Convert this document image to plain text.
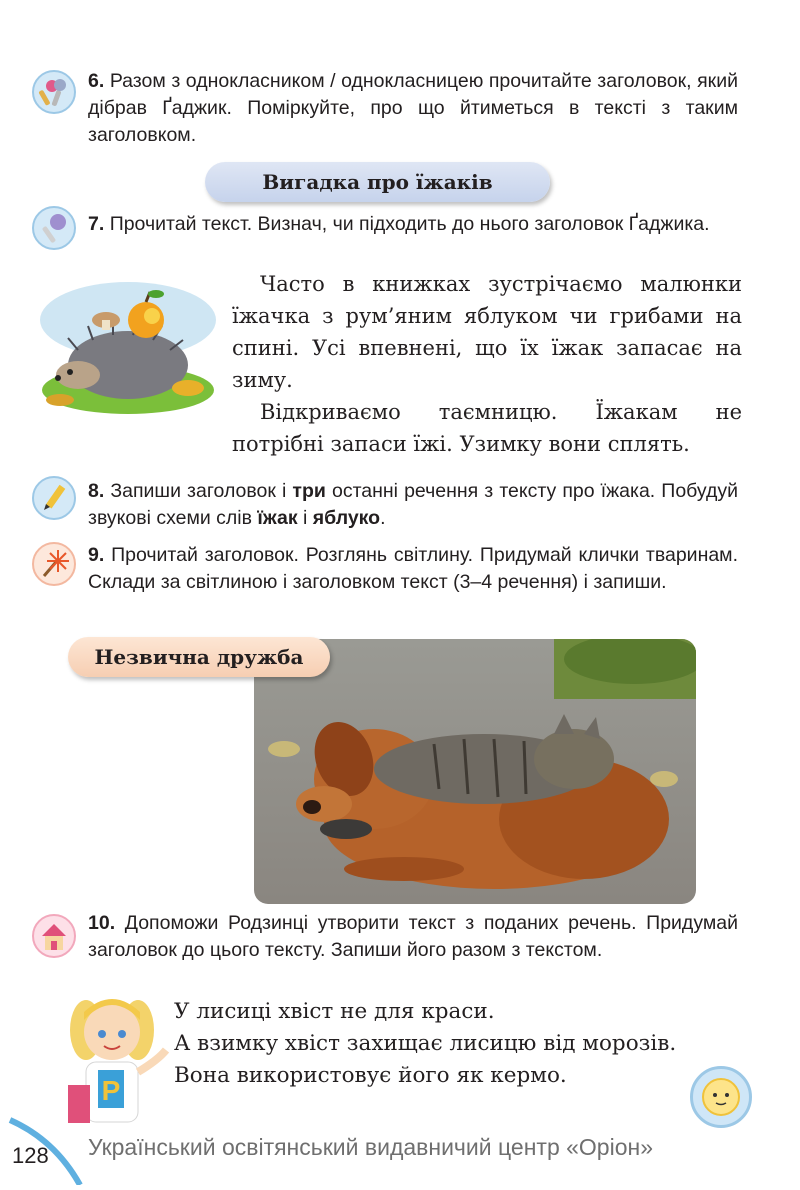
6. Разом з однокласником / однокласницею прочитайте заголовок, який дібрав Ґаджик. Поміркуйте, про що йтиметься в тексті з таким заголовком.
Вигадка про їжаків
7. Прочитай текст. Визнач, чи підходить до нього заголовок Ґаджика.

Часто в книжках зустрічаємо малюнки їжачка з рум’яним яблуком чи грибами на спині. Усі впевнені, що їх їжак запасає на зиму.

Відкриваємо таємницю. Їжакам не потрібні запаси їжі. Узимку вони сплять.

8. Запиши заголовок і три останні речення з тексту про їжака. Побудуй звукові схеми слів їжак і яблуко.
9. Прочитай заголовок. Розглянь світлину. Придумай клички тваринам. Склади за світлиною і заголовком текст (3–4 речення) і запиши.
Незвична дружба
10. Допоможи Родзинці утворити текст з поданих речень. Придумай заголовок до цього тексту. Запиши його разом з текстом.
P

У лисиці хвіст не для краси.

А взимку хвіст захищає лисицю від морозів.

Вона використовує його як кермо.

128 Український освітянський видавничий центр «Оріон»
